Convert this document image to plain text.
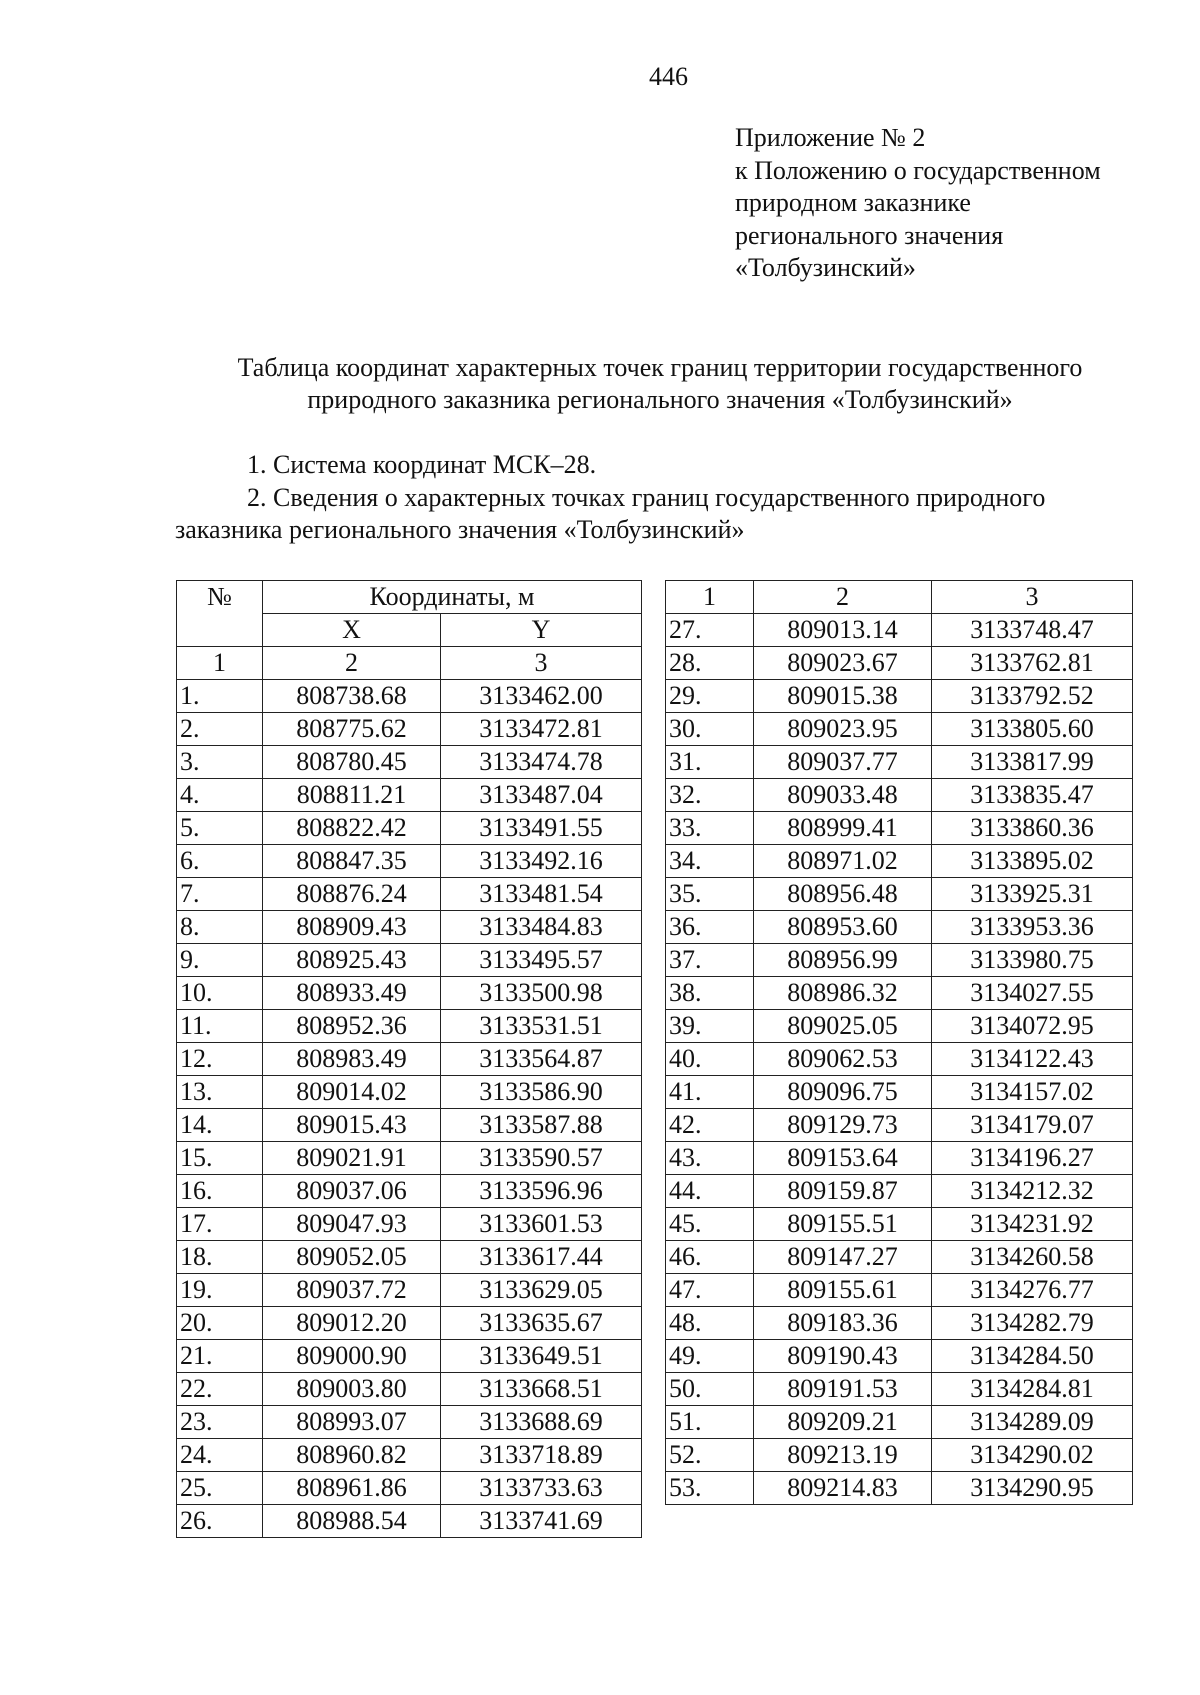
446
Приложение № 2
к Положению о государственном
природном заказнике
регионального значения
«Толбузинский»
Таблица координат характерных точек границ территории государственного
природного заказника регионального значения «Толбузинский»
1. Система координат МСК–28.
2. Сведения о характерных точках границ государственного природного
заказника регионального значения «Толбузинский»
№	Координаты, м	
	X	Y
1	2	3
1.	808738.68	3133462.00
2.	808775.62	3133472.81
3.	808780.45	3133474.78
4.	808811.21	3133487.04
5.	808822.42	3133491.55
6.	808847.35	3133492.16
7.	808876.24	3133481.54
8.	808909.43	3133484.83
9.	808925.43	3133495.57
10.	808933.49	3133500.98
11.	808952.36	3133531.51
12.	808983.49	3133564.87
13.	809014.02	3133586.90
14.	809015.43	3133587.88
15.	809021.91	3133590.57
16.	809037.06	3133596.96
17.	809047.93	3133601.53
18.	809052.05	3133617.44
19.	809037.72	3133629.05
20.	809012.20	3133635.67
21.	809000.90	3133649.51
22.	809003.80	3133668.51
23.	808993.07	3133688.69
24.	808960.82	3133718.89
25.	808961.86	3133733.63
26.	808988.54	3133741.69
1	2	3
27.	809013.14	3133748.47
28.	809023.67	3133762.81
29.	809015.38	3133792.52
30.	809023.95	3133805.60
31.	809037.77	3133817.99
32.	809033.48	3133835.47
33.	808999.41	3133860.36
34.	808971.02	3133895.02
35.	808956.48	3133925.31
36.	808953.60	3133953.36
37.	808956.99	3133980.75
38.	808986.32	3134027.55
39.	809025.05	3134072.95
40.	809062.53	3134122.43
41.	809096.75	3134157.02
42.	809129.73	3134179.07
43.	809153.64	3134196.27
44.	809159.87	3134212.32
45.	809155.51	3134231.92
46.	809147.27	3134260.58
47.	809155.61	3134276.77
48.	809183.36	3134282.79
49.	809190.43	3134284.50
50.	809191.53	3134284.81
51.	809209.21	3134289.09
52.	809213.19	3134290.02
53.	809214.83	3134290.95
